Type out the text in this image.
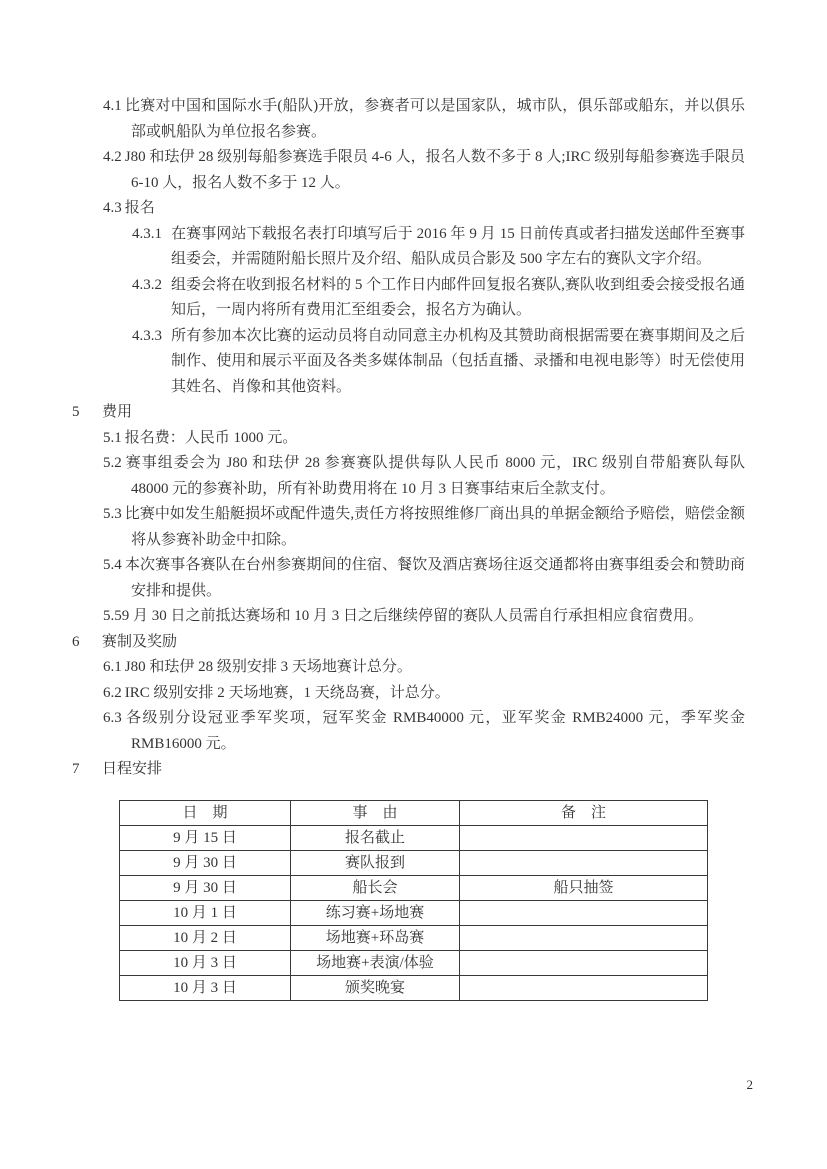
4.1 比赛对中国和国际水手(船队)开放，参赛者可以是国家队，城市队，俱乐部或船东，并以俱乐部或帆船队为单位报名参赛。

4.2 J80 和珐伊 28 级别每船参赛选手限员 4-6 人，报名人数不多于 8 人;IRC 级别每船参赛选手限员 6-10 人，报名人数不多于 12 人。

4.3 报名

4.3.1 在赛事网站下载报名表打印填写后于 2016 年 9 月 15 日前传真或者扫描发送邮件至赛事组委会，并需随附船长照片及介绍、船队成员合影及 500 字左右的赛队文字介绍。

4.3.2 组委会将在收到报名材料的 5 个工作日内邮件回复报名赛队,赛队收到组委会接受报名通知后，一周内将所有费用汇至组委会，报名方为确认。

4.3.3 所有参加本次比赛的运动员将自动同意主办机构及其赞助商根据需要在赛事期间及之后制作、使用和展示平面及各类多媒体制品（包括直播、录播和电视电影等）时无偿使用其姓名、肖像和其他资料。

5 费用

5.1 报名费：人民币 1000 元。

5.2 赛事组委会为 J80 和珐伊 28 参赛赛队提供每队人民币 8000 元，IRC 级别自带船赛队每队 48000 元的参赛补助，所有补助费用将在 10 月 3 日赛事结束后全款支付。

5.3 比赛中如发生船艇损坏或配件遗失,责任方将按照维修厂商出具的单据金额给予赔偿，赔偿金额将从参赛补助金中扣除。

5.4 本次赛事各赛队在台州参赛期间的住宿、餐饮及酒店赛场往返交通都将由赛事组委会和赞助商安排和提供。

5.59 月 30 日之前抵达赛场和 10 月 3 日之后继续停留的赛队人员需自行承担相应食宿费用。

6 赛制及奖励

6.1 J80 和珐伊 28 级别安排 3 天场地赛计总分。

6.2 IRC 级别安排 2 天场地赛，1 天绕岛赛，计总分。

6.3 各级别分设冠亚季军奖项，冠军奖金 RMB40000 元，亚军奖金 RMB24000 元，季军奖金 RMB16000 元。

7 日程安排

日　期	事　由	备　注
9 月 15 日	报名截止	
9 月 30 日	赛队报到	
9 月 30 日	船长会	船只抽签
10 月 1 日	练习赛+场地赛	
10 月 2 日	场地赛+环岛赛	
10 月 3 日	场地赛+表演/体验	
10 月 3 日	颁奖晚宴	
2
